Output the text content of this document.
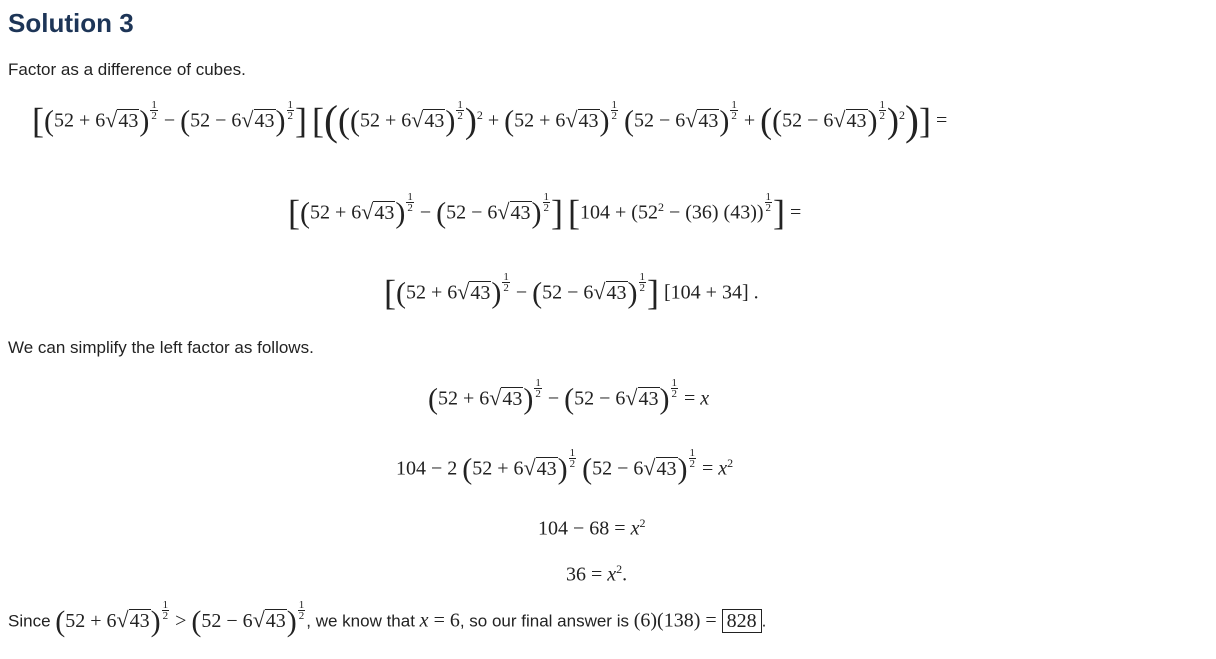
Solution 3

Factor as a difference of cubes.

[$(52 + 6√43) \frac{1}{2} - (52 - 6√43) \frac{1}{2}$ ] $[(((52 + 6√43) \frac{1}{2} )^2 + (52 + 6√43) \frac{1}{2} (52 - 6√43) \frac{1}{2} + ((52 - 6√43) \frac{1}{2} )^2)]$ =
[$(52 + 6√43) \frac{1}{2} - (52 - 6√43) \frac{1}{2}$ ] [$104 + (52^2 - (36)$ $(43)) \frac{1}{2}$ ] =
[$(52 + 6√43) \frac{1}{2} - (52 - 6√43) \frac{1}{2}$ ] [104 + 34] .

We can simplify the left factor as follows.

$(52 + 6√43) \frac{1}{2} - (52 - 6√43) \frac{1}{2} = x$
104 − 2 $(52 + 6√43) \frac{1}{2} (52 - 6√43) \frac{1}{2} = x^2$
$104 - 68 = x^2$
$36 = x^2$.
Since $(52 + 6√43) \frac{1}{2} > (52 - 6√43) \frac{1}{2}$
, we know that x = 6, so our final answer is (6)(138) = 828 .
